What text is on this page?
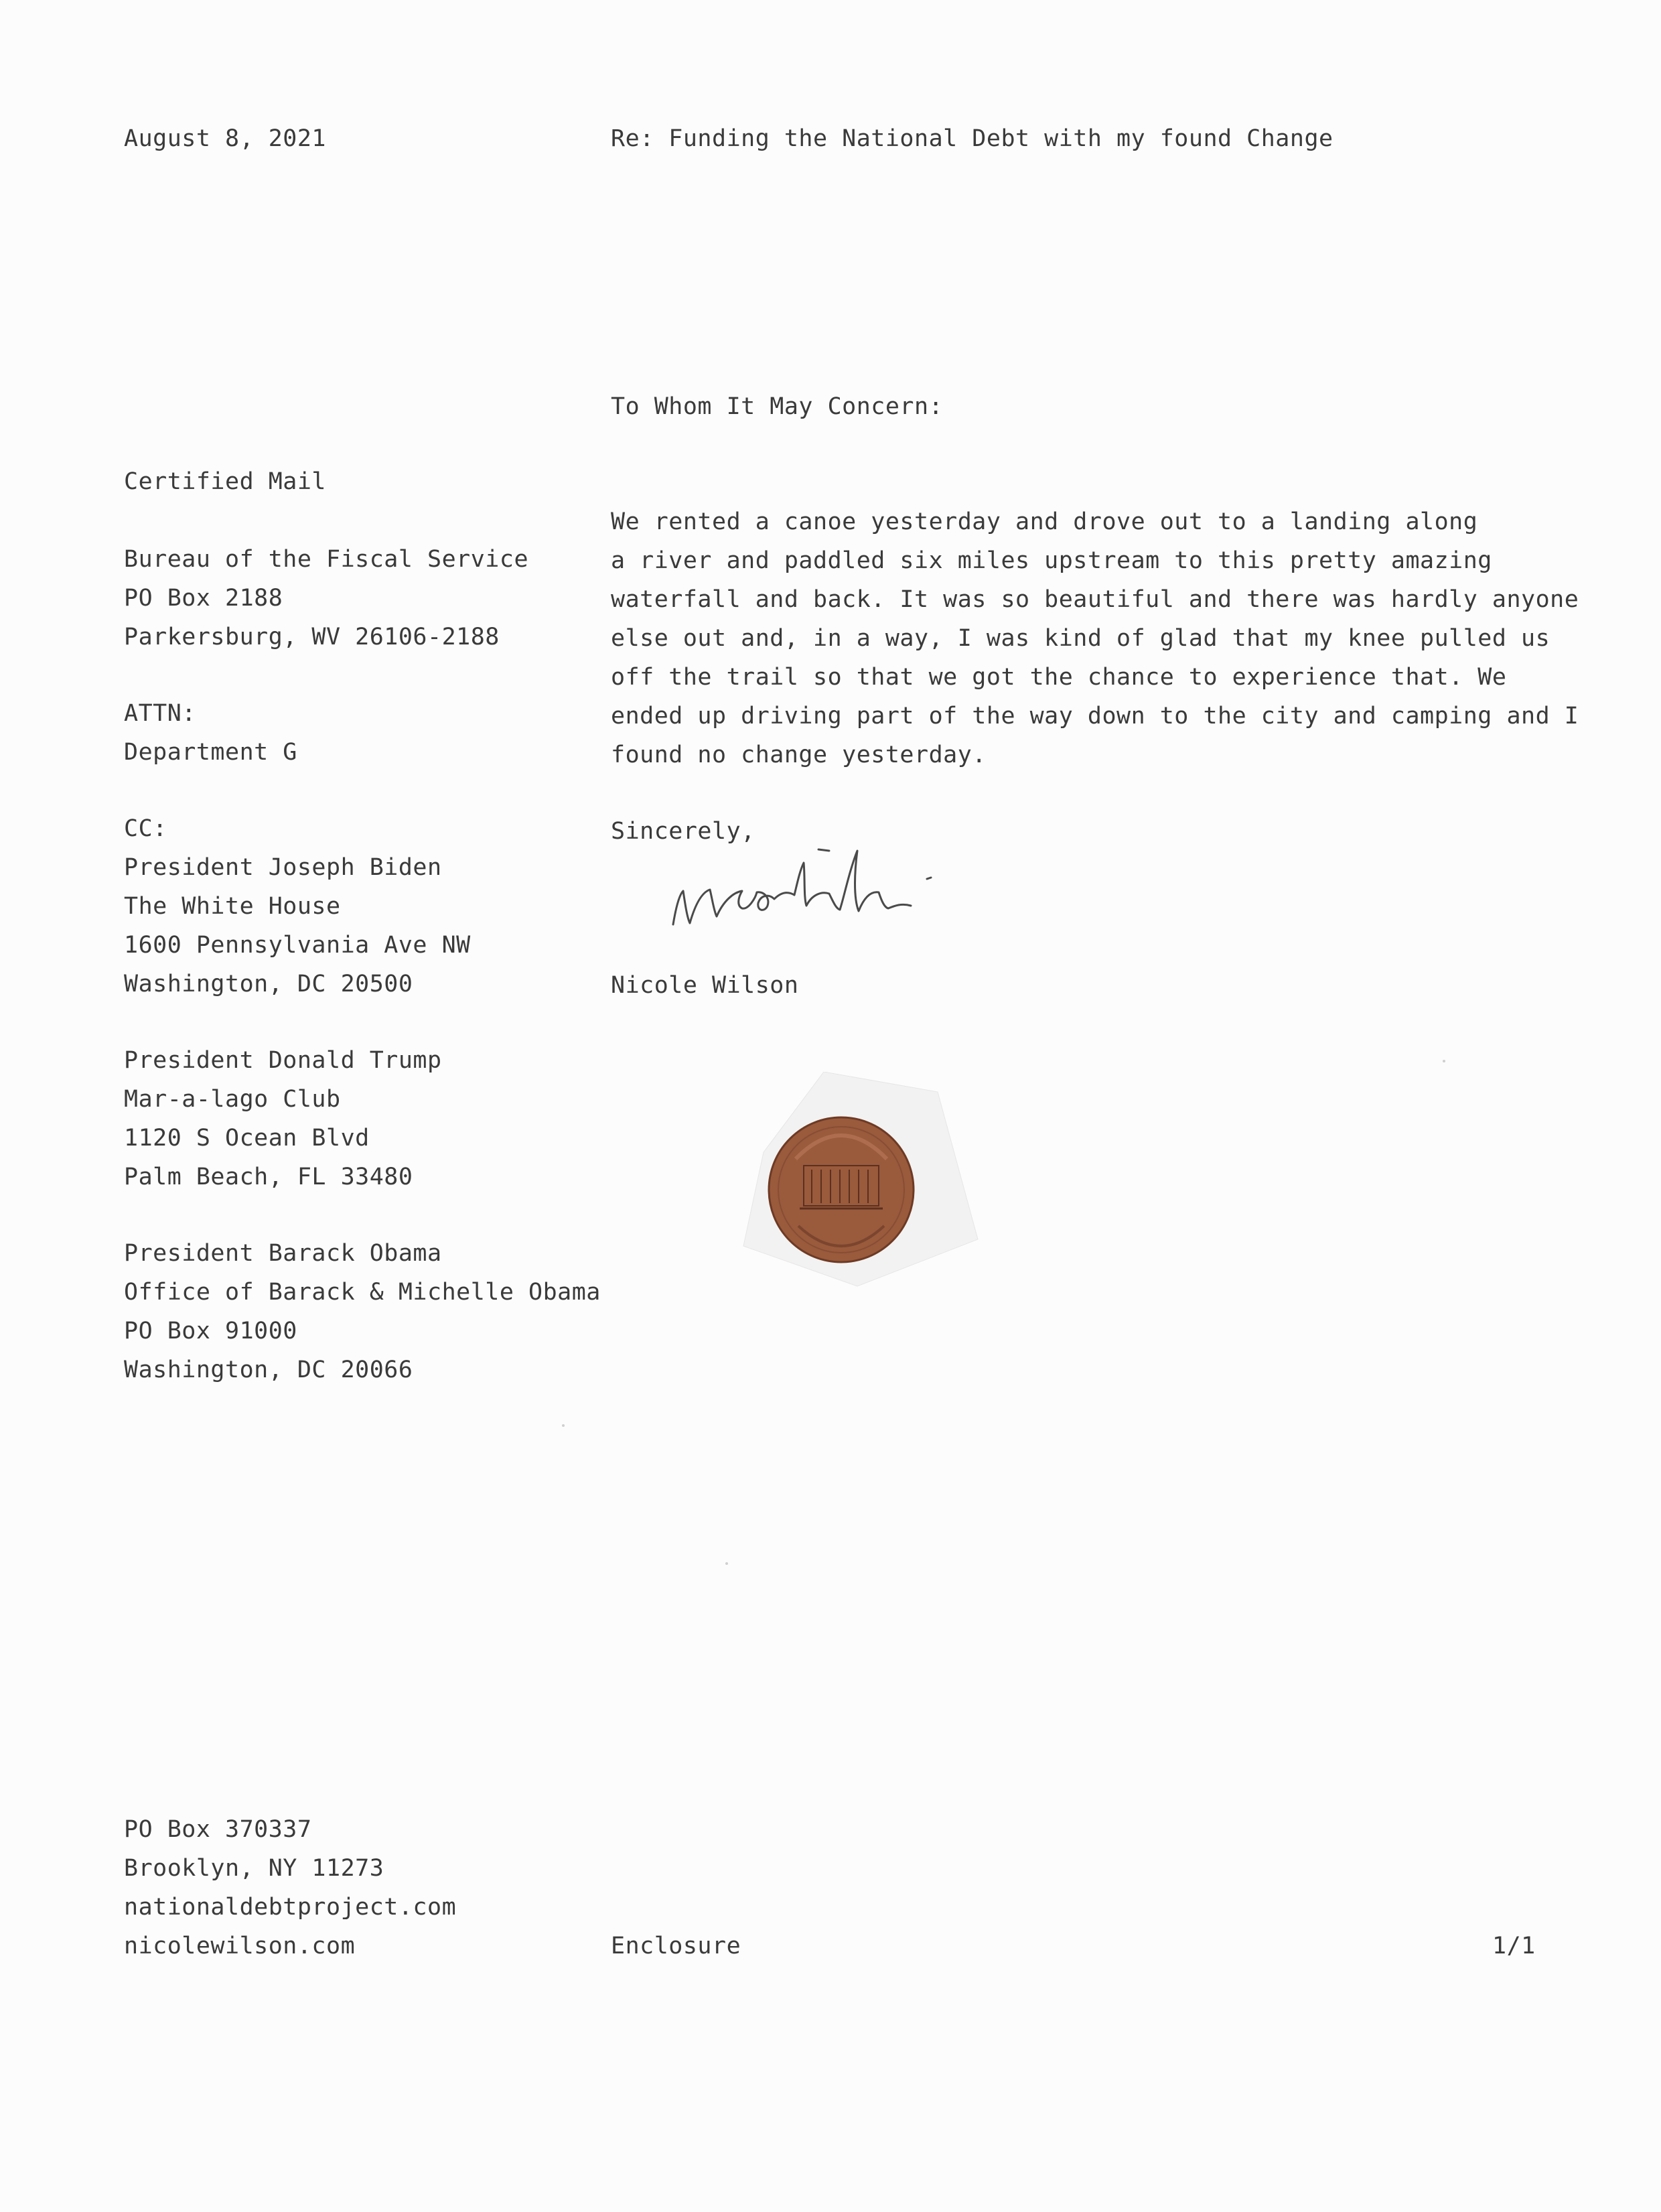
August 8, 2021	Re: Funding the National Debt with my found Change
To Whom It May Concern:
Certified Mail
Bureau of the Fiscal Service
PO Box 2188
Parkersburg, WV 26106-2188
ATTN:
Department G
CC:
President Joseph Biden
The White House
1600 Pennsylvania Ave NW
Washington, DC 20500
President Donald Trump
Mar-a-lago Club
1120 S Ocean Blvd
Palm Beach, FL 33480
President Barack Obama
Office of Barack & Michelle Obama
PO Box 91000
Washington, DC 20066
We rented a canoe yesterday and drove out to a landing along
a river and paddled six miles upstream to this pretty amazing
waterfall and back. It was so beautiful and there was hardly anyone
else out and, in a way, I was kind of glad that my knee pulled us
off the trail so that we got the chance to experience that. We
ended up driving part of the way down to the city and camping and I
found no change yesterday.
Sincerely,
Nicole Wilson
PO Box 370337
Brooklyn, NY 11273
nationaldebtproject.com
nicolewilson.com	Enclosure	1/1
